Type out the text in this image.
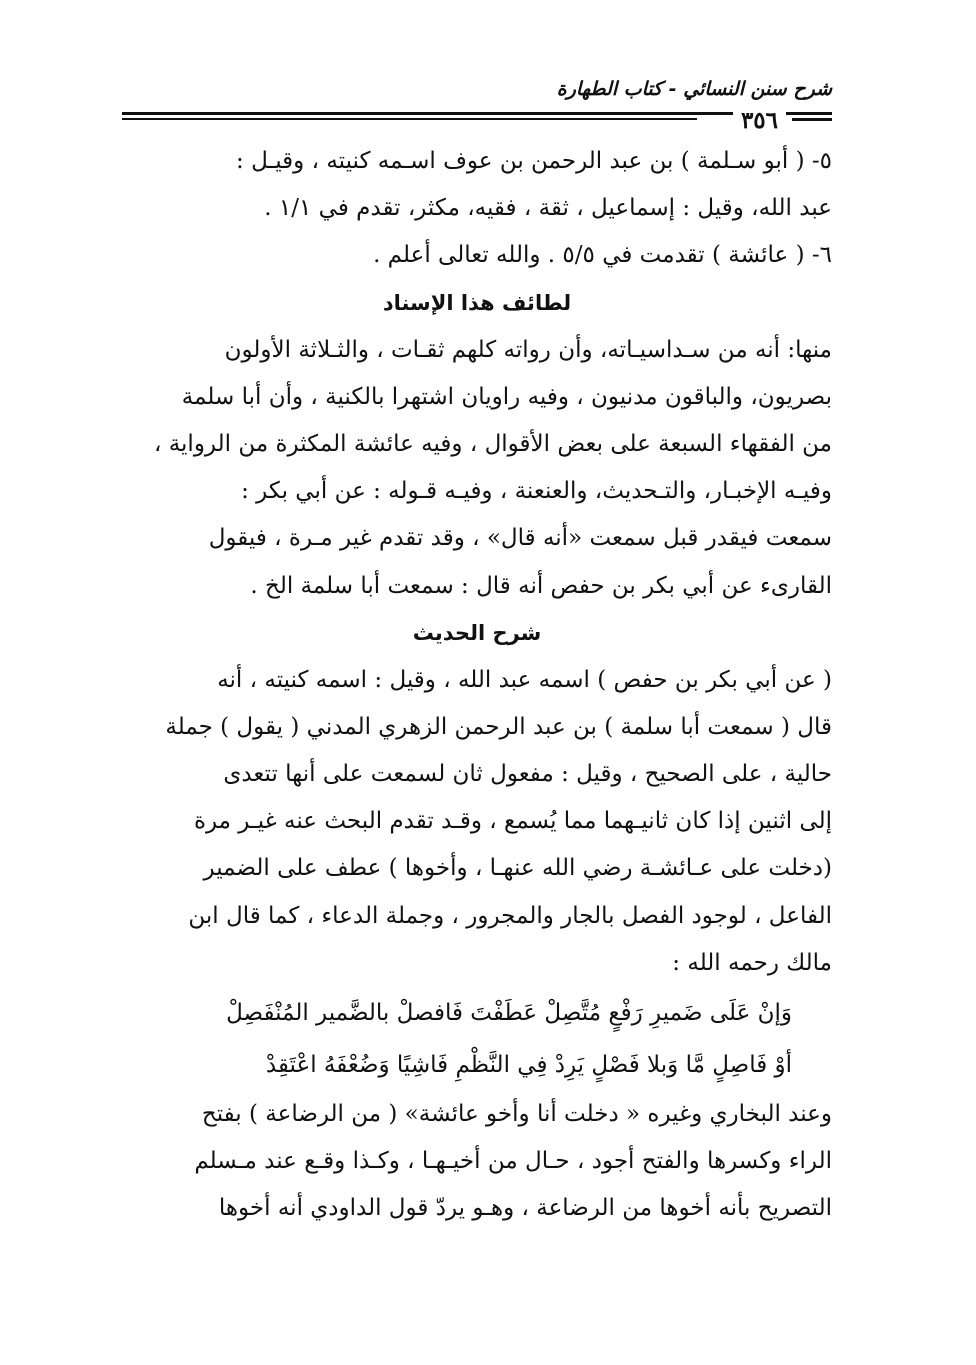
شرح سنن النسائي - كتاب الطهارة
٣٥٦
٥- ( أبو سـلمة ) بن عبد الرحمن بن عوف اسـمه كنيته ، وقيـل :
عبد الله، وقيل : إسماعيل ، ثقة ، فقيه، مكثر، تقدم في ١/١ .
٦- ( عائشة ) تقدمت في ٥/٥ . والله تعالى أعلم .
لطائف هذا الإسناد
منها: أنه من سـداسيـاته، وأن رواته كلهم ثقـات ، والثـلاثة الأولون
بصريون، والباقون مدنيون ، وفيه راويان اشتهرا بالكنية ، وأن أبا سلمة
من الفقهاء السبعة على بعض الأقوال ، وفيه عائشة المكثرة من الرواية ،
وفيـه الإخبـار، والتـحديث، والعنعنة ، وفيـه قـوله : عن أبي بكر :
سمعت فيقدر قبل سمعت «أنه قال» ، وقد تقدم غير مـرة ، فيقول
القارىء عن أبي بكر بن حفص أنه قال : سمعت أبا سلمة الخ .
شرح الحديث
( عن أبي بكر بن حفص ) اسمه عبد الله ، وقيل : اسمه كنيته ، أنه
قال ( سمعت أبا سلمة ) بن عبد الرحمن الزهري المدني ( يقول ) جملة
حالية ، على الصحيح ، وقيل : مفعول ثان لسمعت على أنها تتعدى
إلى اثنين إذا كان ثانيـهما مما يُسمع ، وقـد تقدم البحث عنه غيـر مرة
(دخلت على عـائشـة رضي الله عنهـا ، وأخوها ) عطف على الضمير
الفاعل ، لوجود الفصل بالجار والمجرور ، وجملة الدعاء ، كما قال ابن
مالك رحمه الله :
وَإنْ عَلَى ضَميرِ رَفْعٍ مُتَّصِلْ عَطَفْتَ فَافصلْ بالضَّمير المُنْفَصِلْ
أوْ فَاصِلٍ مَّا وَبلا فَصْلٍ يَرِدْ فِي النَّظْمِ فَاشِيًا وَضُعْفَهُ اعْتَقِدْ
وعند البخاري وغيره « دخلت أنا وأخو عائشة» ( من الرضاعة ) بفتح
الراء وكسرها والفتح أجود ، حـال من أخيـهـا ، وكـذا وقـع عند مـسلم
التصريح بأنه أخوها من الرضاعة ، وهـو يردّ قول الداودي أنه أخوها
